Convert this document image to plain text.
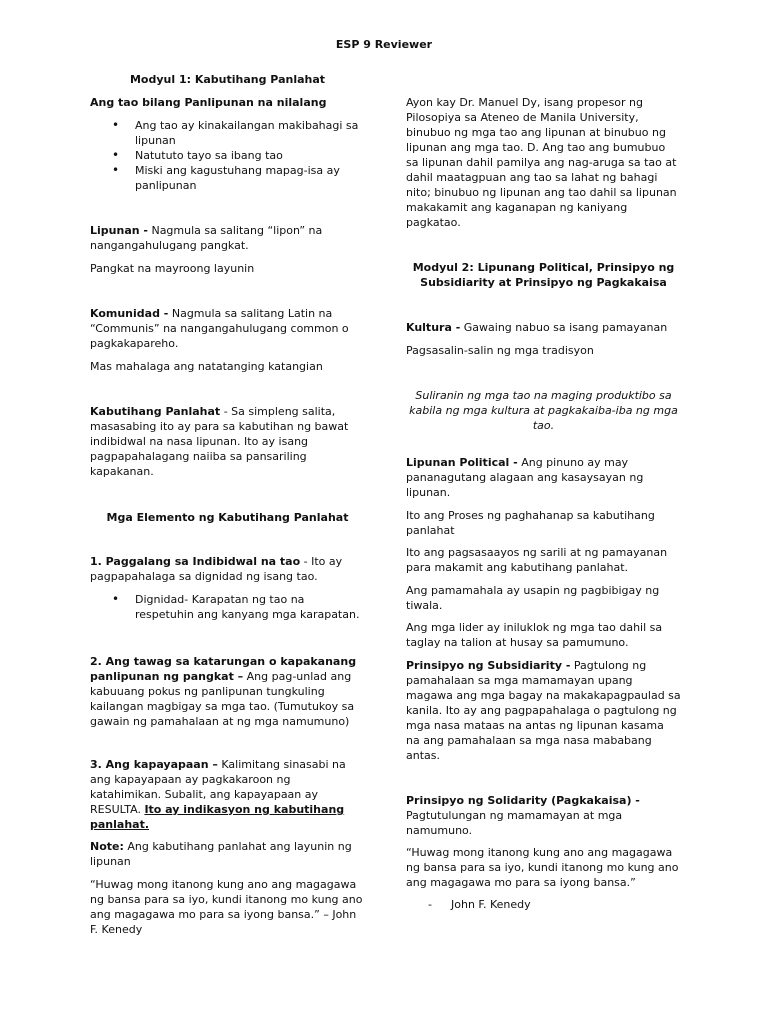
ESP 9 Reviewer

Modyul 1: Kabutihang Panlahat

Ang tao bilang Panlipunan na nilalang

• Ang tao ay kinakailangan makibahagi sa lipunan
• Natututo tayo sa ibang tao
• Miski ang kagustuhang mapag-isa ay panlipunan

Lipunan - Nagmula sa salitang “lipon” na nangangahulugang pangkat.

Pangkat na mayroong layunin

Komunidad - Nagmula sa salitang Latin na “Communis” na nangangahulugang common o pagkakapareho.

Mas mahalaga ang natatanging katangian

Kabutihang Panlahat - Sa simpleng salita, masasabing ito ay para sa kabutihan ng bawat indibidwal na nasa lipunan. Ito ay isang pagpapahalagang naiiba sa pansariling kapakanan.

Mga Elemento ng Kabutihang Panlahat

1. Paggalang sa Indibidwal na tao - Ito ay pagpapahalaga sa dignidad ng isang tao.

• Dignidad- Karapatan ng tao na respetuhin ang kanyang mga karapatan.

2. Ang tawag sa katarungan o kapakanang panlipunan ng pangkat – Ang pag-unlad ang kabuuang pokus ng panlipunan tungkuling kailangan magbigay sa mga tao. (Tumutukoy sa gawain ng pamahalaan at ng mga namumuno)

3. Ang kapayapaan – Kalimitang sinasabi na ang kapayapaan ay pagkakaroon ng katahimikan. Subalit, ang kapayapaan ay RESULTA. Ito ay indikasyon ng kabutihang panlahat.

Note: Ang kabutihang panlahat ang layunin ng lipunan

“Huwag mong itanong kung ano ang magagawa ng bansa para sa iyo, kundi itanong mo kung ano ang magagawa mo para sa iyong bansa.” – John F. Kenedy

Ayon kay Dr. Manuel Dy, isang propesor ng Pilosopiya sa Ateneo de Manila University, binubuo ng mga tao ang lipunan at binubuo ng lipunan ang mga tao. D. Ang tao ang bumubuo sa lipunan dahil pamilya ang nag-aruga sa tao at dahil maatagpuan ang tao sa lahat ng bahagi nito; binubuo ng lipunan ang tao dahil sa lipunan makakamit ang kaganapan ng kaniyang pagkatao.

Modyul 2: Lipunang Political, Prinsipyo ng Subsidiarity at Prinsipyo ng Pagkakaisa

Kultura - Gawaing nabuo sa isang pamayanan

Pagsasalin-salin ng mga tradisyon

Suliranin ng mga tao na maging produktibo sa kabila ng mga kultura at pagkakaiba-iba ng mga tao.

Lipunan Political - Ang pinuno ay may pananagutang alagaan ang kasaysayan ng lipunan.

Ito ang Proses ng paghahanap sa kabutihang panlahat

Ito ang pagsasaayos ng sarili at ng pamayanan para makamit ang kabutihang panlahat.

Ang pamamahala ay usapin ng pagbibigay ng tiwala.

Ang mga lider ay iniluklok ng mga tao dahil sa taglay na talion at husay sa pamumuno.

Prinsipyo ng Subsidiarity - Pagtulong ng pamahalaan sa mga mamamayan upang magawa ang mga bagay na makakapagpaulad sa kanila. Ito ay ang pagpapahalaga o pagtulong ng mga nasa mataas na antas ng lipunan kasama na ang pamahalaan sa mga nasa mababang antas.

Prinsipyo ng Solidarity (Pagkakaisa) - Pagtutulungan ng mamamayan at mga namumuno.

“Huwag mong itanong kung ano ang magagawa ng bansa para sa iyo, kundi itanong mo kung ano ang magagawa mo para sa iyong bansa.”

- John F. Kenedy
